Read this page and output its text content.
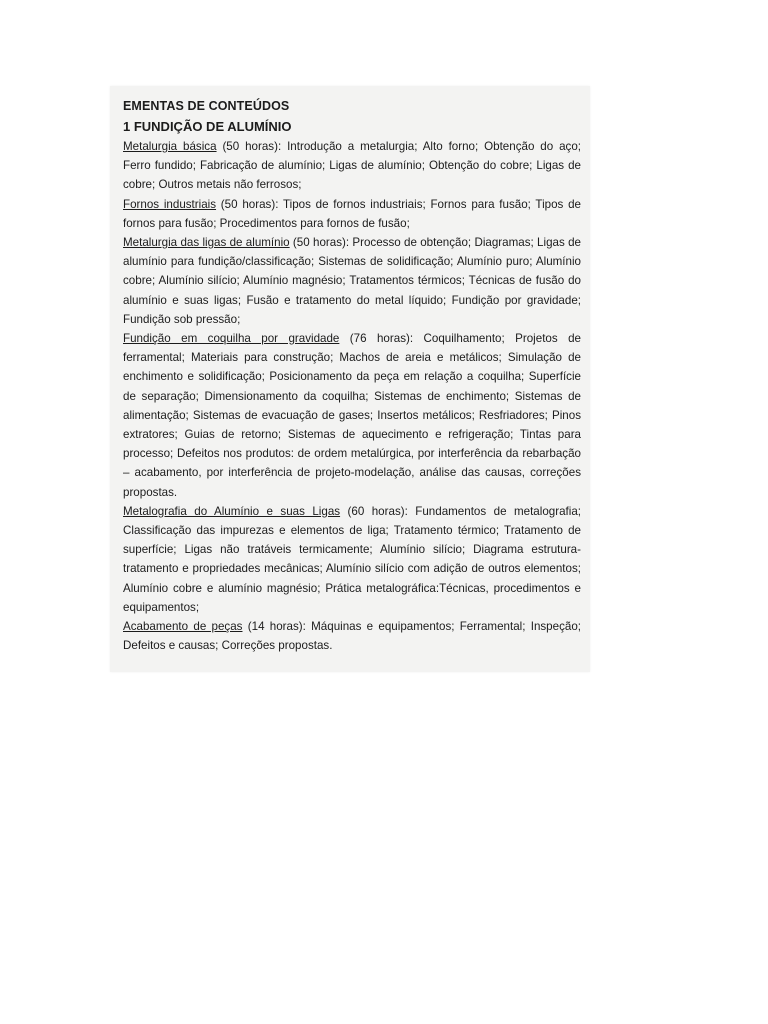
EMENTAS DE CONTEÚDOS
1 FUNDIÇÃO DE ALUMÍNIO

Metalurgia básica (50 horas): Introdução a metalurgia; Alto forno; Obtenção do aço; Ferro fundido; Fabricação de alumínio; Ligas de alumínio; Obtenção do cobre; Ligas de cobre; Outros metais não ferrosos;

Fornos industriais (50 horas): Tipos de fornos industriais; Fornos para fusão; Tipos de fornos para fusão; Procedimentos para fornos de fusão;

Metalurgia das ligas de alumínio (50 horas): Processo de obtenção; Diagramas; Ligas de alumínio para fundição/classificação; Sistemas de solidificação; Alumínio puro; Alumínio cobre; Alumínio silício; Alumínio magnésio; Tratamentos térmicos; Técnicas de fusão do alumínio e suas ligas; Fusão e tratamento do metal líquido; Fundição por gravidade; Fundição sob pressão;

Fundição em coquilha por gravidade (76 horas): Coquilhamento; Projetos de ferramental; Materiais para construção; Machos de areia e metálicos; Simulação de enchimento e solidificação; Posicionamento da peça em relação a coquilha; Superfície de separação; Dimensionamento da coquilha; Sistemas de enchimento; Sistemas de alimentação; Sistemas de evacuação de gases; Insertos metálicos; Resfriadores; Pinos extratores; Guias de retorno; Sistemas de aquecimento e refrigeração; Tintas para processo; Defeitos nos produtos: de ordem metalúrgica, por interferência da rebarbação – acabamento, por interferência de projeto-modelação, análise das causas, correções propostas.

Metalografia do Alumínio e suas Ligas (60 horas): Fundamentos de metalografia; Classificação das impurezas e elementos de liga; Tratamento térmico; Tratamento de superfície; Ligas não tratáveis termicamente; Alumínio silício; Diagrama estrutura-tratamento e propriedades mecânicas; Alumínio silício com adição de outros elementos; Alumínio cobre e alumínio magnésio; Prática metalográfica:Técnicas, procedimentos e equipamentos;

Acabamento de peças (14 horas): Máquinas e equipamentos; Ferramental; Inspeção; Defeitos e causas; Correções propostas.
